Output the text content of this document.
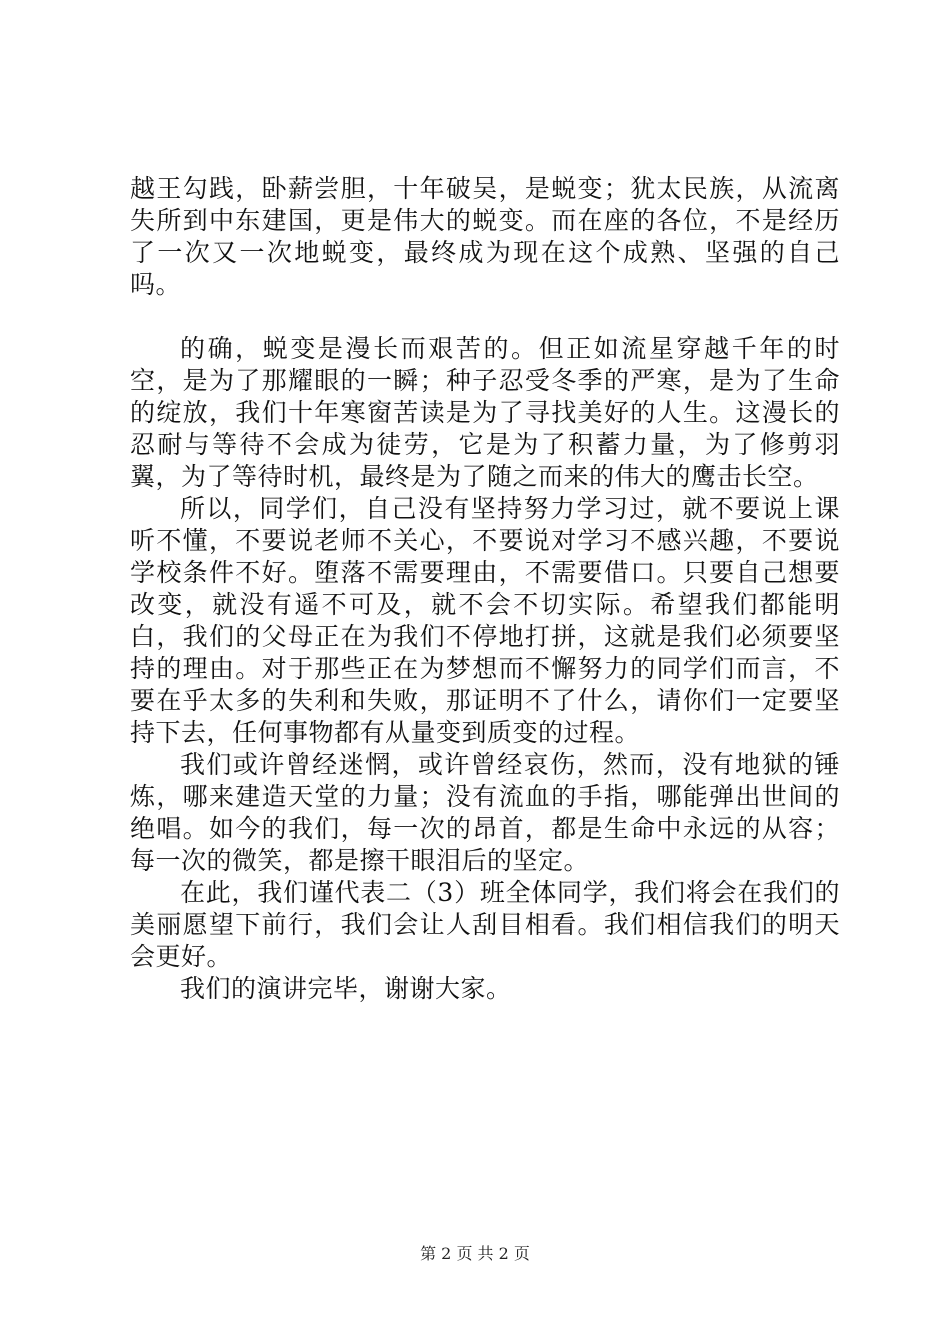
越王勾践，卧薪尝胆，十年破吴，是蜕变；犹太民族，从流离失所到中东建国，更是伟大的蜕变。而在座的各位，不是经历了一次又一次地蜕变，最终成为现在这个成熟、坚强的自己吗。

的确，蜕变是漫长而艰苦的。但正如流星穿越千年的时空，是为了那耀眼的一瞬；种子忍受冬季的严寒，是为了生命的绽放，我们十年寒窗苦读是为了寻找美好的人生。这漫长的忍耐与等待不会成为徒劳，它是为了积蓄力量，为了修剪羽翼，为了等待时机，最终是为了随之而来的伟大的鹰击长空。

所以，同学们，自己没有坚持努力学习过，就不要说上课听不懂，不要说老师不关心，不要说对学习不感兴趣，不要说学校条件不好。堕落不需要理由，不需要借口。只要自己想要改变，就没有遥不可及，就不会不切实际。希望我们都能明白，我们的父母正在为我们不停地打拼，这就是我们必须要坚持的理由。对于那些正在为梦想而不懈努力的同学们而言，不要在乎太多的失利和失败，那证明不了什么，请你们一定要坚持下去，任何事物都有从量变到质变的过程。

我们或许曾经迷惘，或许曾经哀伤，然而，没有地狱的锤炼，哪来建造天堂的力量；没有流血的手指，哪能弹出世间的绝唱。如今的我们，每一次的昂首，都是生命中永远的从容；每一次的微笑，都是擦干眼泪后的坚定。

在此，我们谨代表二（3）班全体同学，我们将会在我们的美丽愿望下前行，我们会让人刮目相看。我们相信我们的明天会更好。

我们的演讲完毕，谢谢大家。

第 2 页 共 2 页
